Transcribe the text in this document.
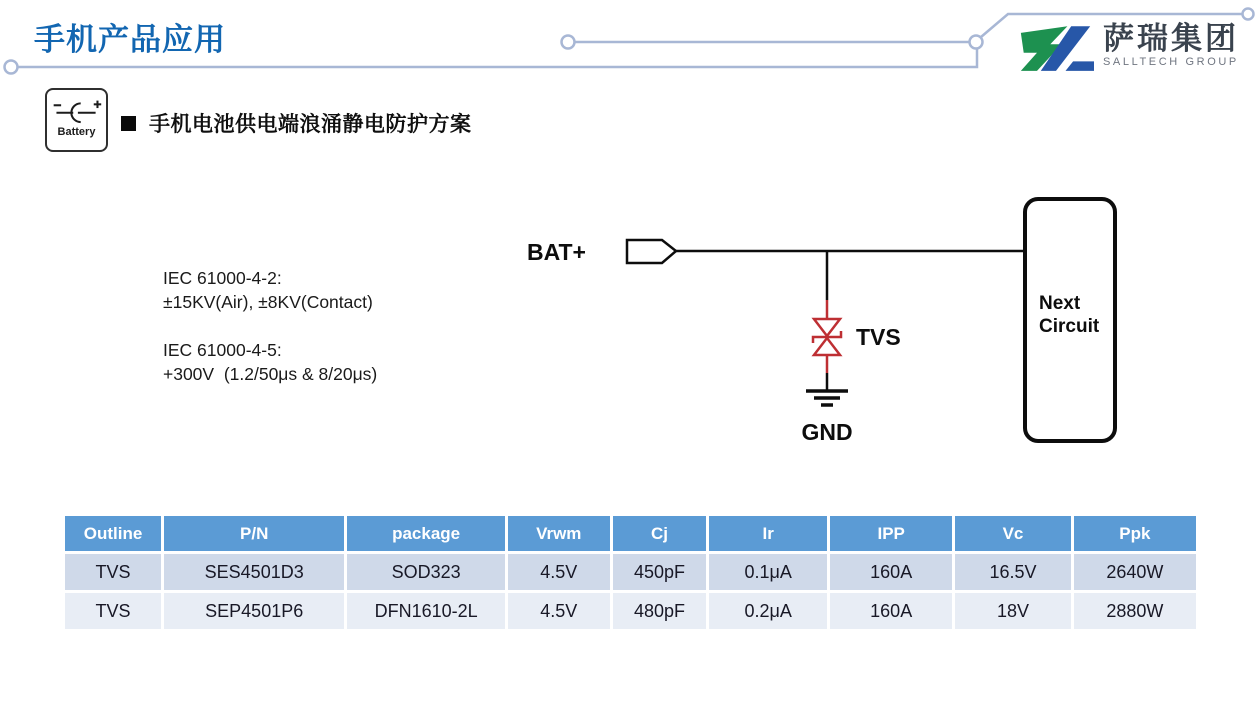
手机产品应用	萨瑞集团
SALLTECH GROUP
Battery	手机电池供电端浪涌静电防护方案
IEC 61000-4-2:
±15KV(Air), ±8KV(Contact)
IEC 61000-4-5:
+300V  (1.2/50μs & 8/20μs)
BAT+
TVS
GND
Next
Circuit
Outline	P/N	package	Vrwm	Cj	Ir	IPP	Vc	Ppk
TVS	SES4501D3	SOD323	4.5V	450pF	0.1μA	160A	16.5V	2640W
TVS	SEP4501P6	DFN1610-2L	4.5V	480pF	0.2μA	160A	18V	2880W
